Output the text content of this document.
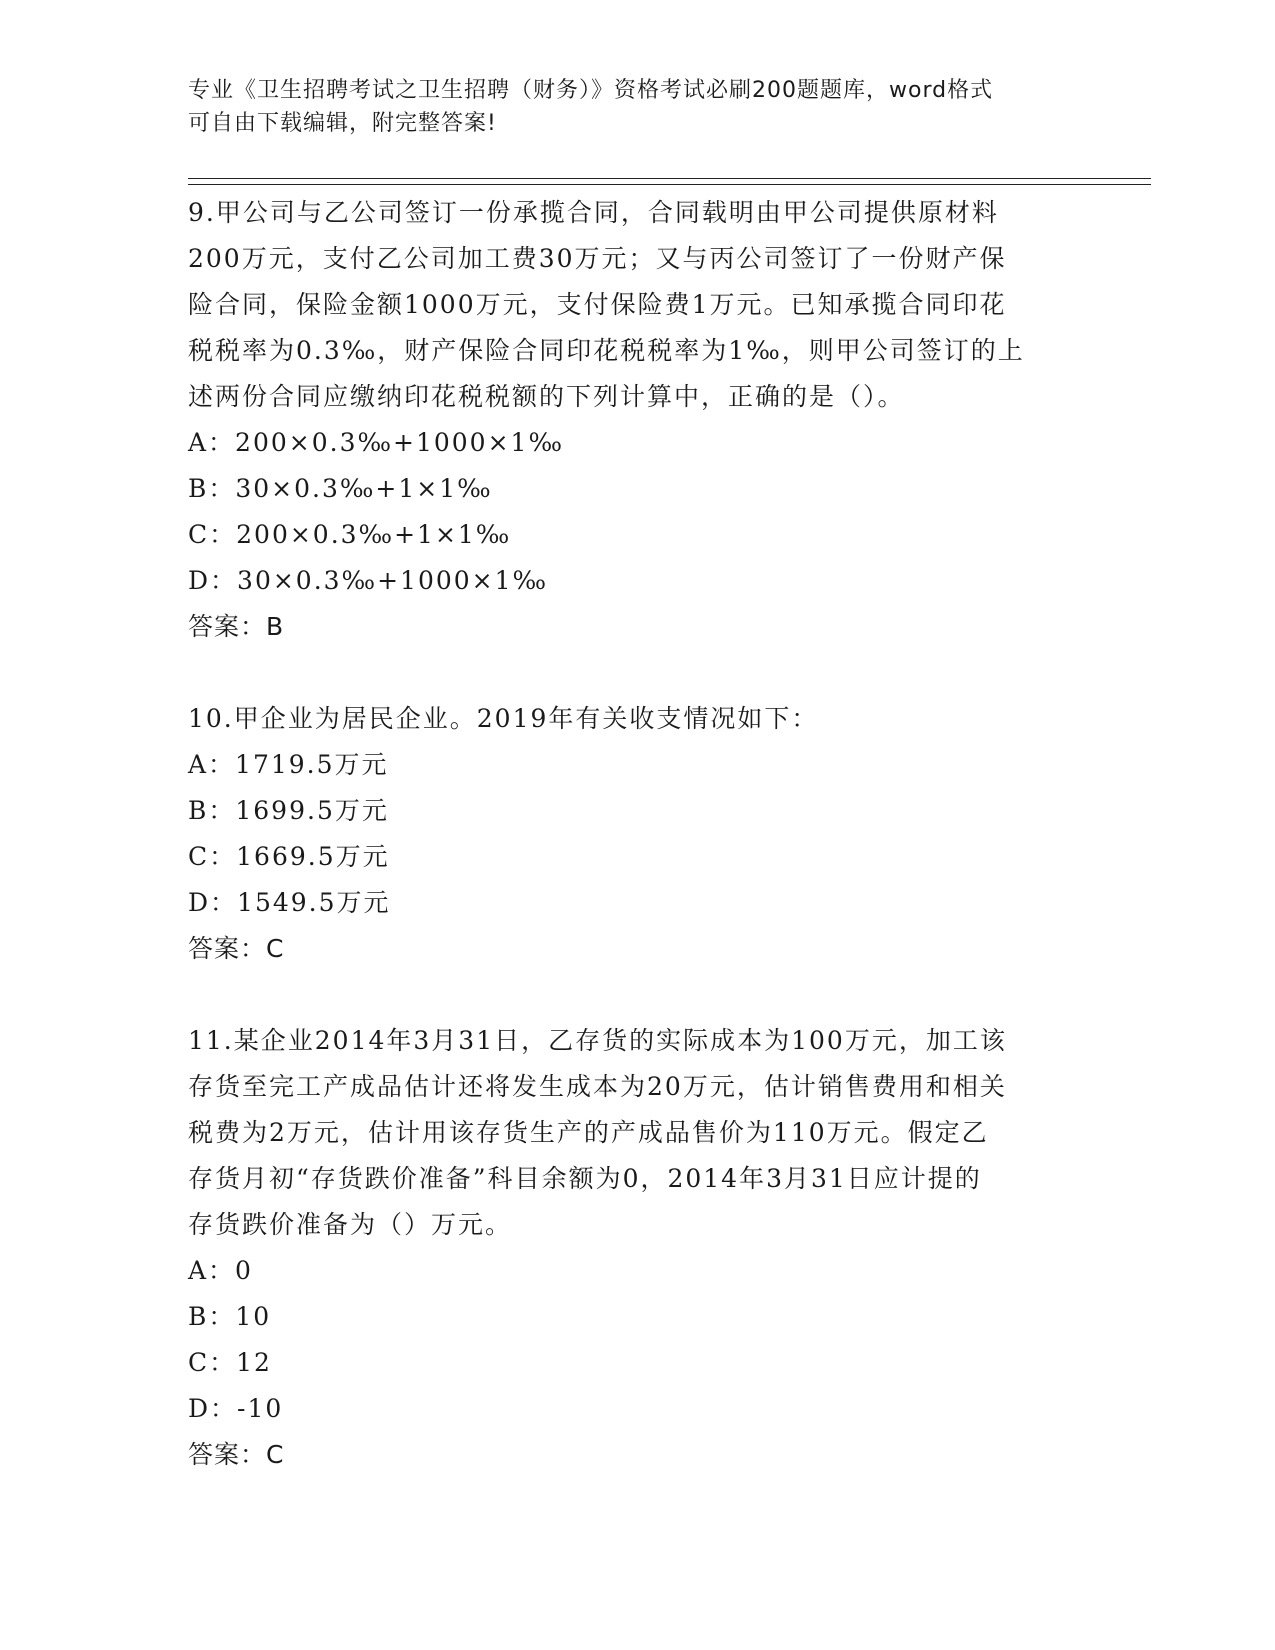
专业《卫生招聘考试之卫生招聘（财务）》资格考试必刷200题题库，word格式
可自由下载编辑，附完整答案!
9.甲公司与乙公司签订一份承揽合同，合同载明由甲公司提供原材料
200万元，支付乙公司加工费30万元；又与丙公司签订了一份财产保
险合同，保险金额1000万元，支付保险费1万元。已知承揽合同印花
税税率为0.3‰，财产保险合同印花税税率为1‰，则甲公司签订的上
述两份合同应缴纳印花税税额的下列计算中，正确的是（）。
A：200×0.3‰+1000×1‰
B：30×0.3‰+1×1‰
C：200×0.3‰+1×1‰
D：30×0.3‰+1000×1‰
答案：B
10.甲企业为居民企业。2019年有关收支情况如下：
A：1719.5万元
B：1699.5万元
C：1669.5万元
D：1549.5万元
答案：C
11.某企业2014年3月31日，乙存货的实际成本为100万元，加工该
存货至完工产成品估计还将发生成本为20万元，估计销售费用和相关
税费为2万元，估计用该存货生产的产成品售价为110万元。假定乙
存货月初“存货跌价准备”科目余额为0，2014年3月31日应计提的
存货跌价准备为（）万元。
A：0
B：10
C：12
D：-10
答案：C
